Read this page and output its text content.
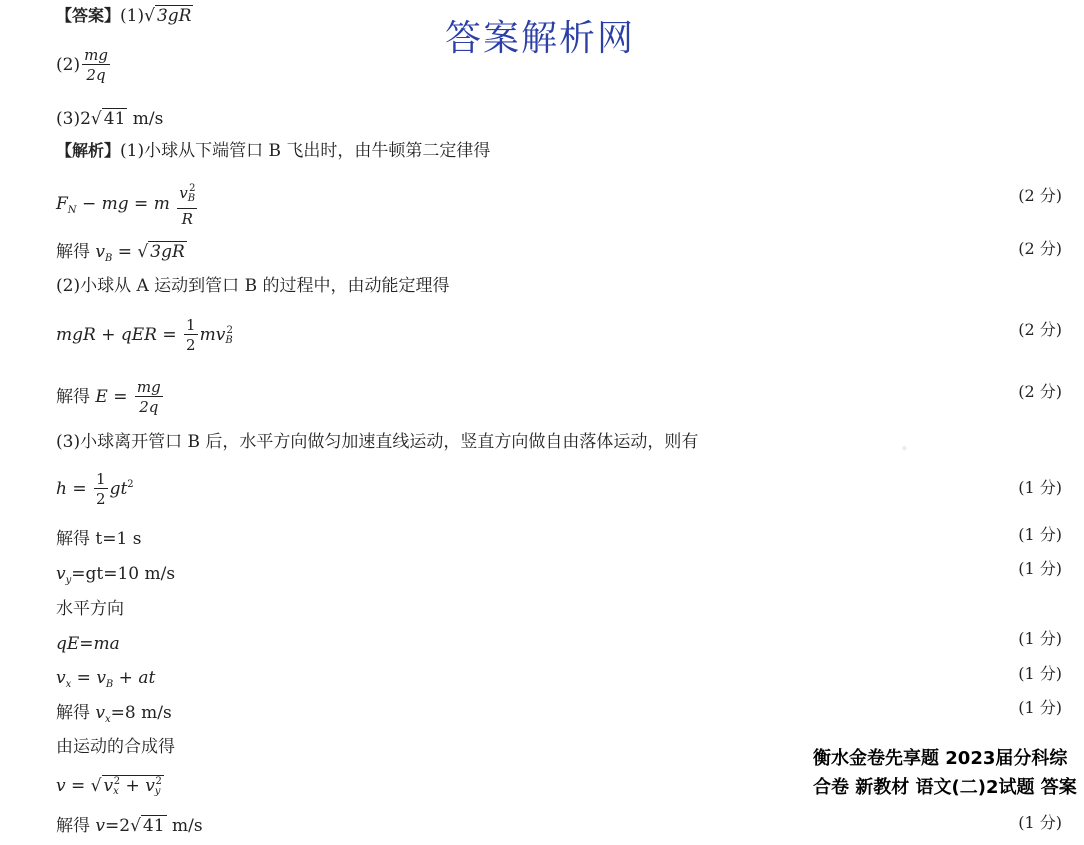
答案解析网
•
【答案】(1)√ 3gR
$(2) \frac{mg}{2q}$
(3)2√ 41 m/s
【解析】(1)小球从下端管口 B 飞出时，由牛顿第二定律得
$F_N$ − mg = m $\frac{v_B^2}{R}$	(2 分)
解得 $v_B$ = √ 3gR	(2 分)
(2)小球从 A 运动到管口 B 的过程中，由动能定理得
mgR + qER = $\frac{1}{2} mv_B^2$	(2 分)
解得 $E = \frac{mg}{2q}$	(2 分)
(3)小球离开管口 B 后，水平方向做匀加速直线运动，竖直方向做自由落体运动，则有
$h = \frac{1}{2} gt^2$	(1 分)
解得 t=1 s	(1 分)
$v_y=gt=10$ m/s	(1 分)
水平方向
qE=ma	(1 分)
$v_x = v_B$ + at	(1 分)
解得 $v_x=8$ m/s	(1 分)
由运动的合成得
v = √ $v_x^2 + v_y^2$
解得 v=2√ 41 m/s	(1 分)
衡水金卷先享题 2023届分科综合卷 新教材 语文(二)2试题 答案
